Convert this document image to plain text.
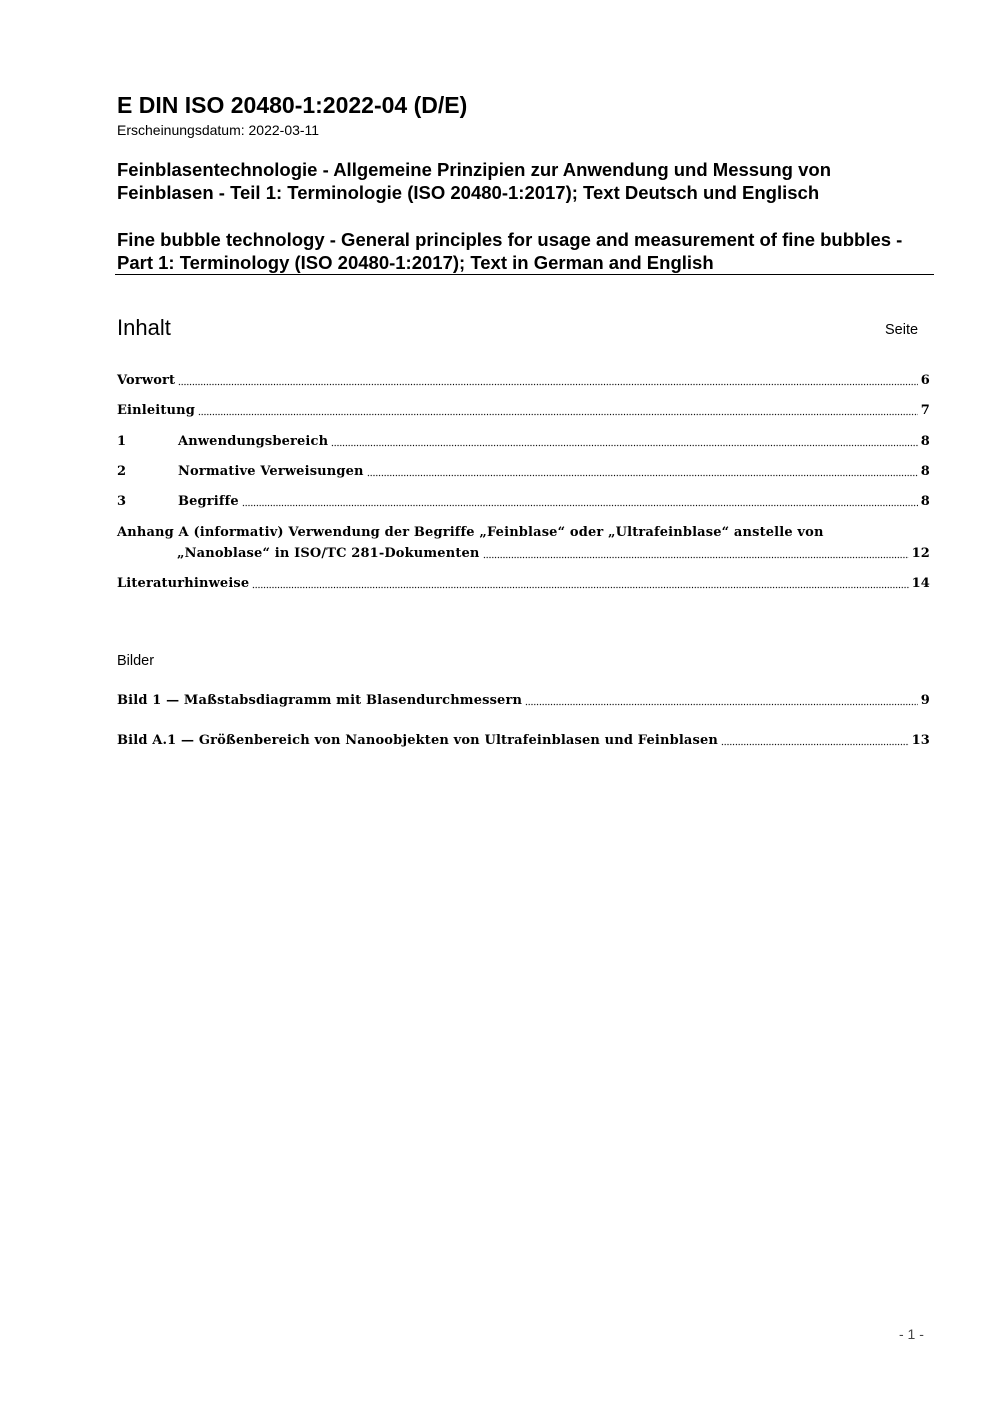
E DIN ISO 20480-1:2022-04 (D/E)
Erscheinungsdatum: 2022-03-11
Feinblasentechnologie - Allgemeine Prinzipien zur Anwendung und Messung von Feinblasen - Teil 1: Terminologie (ISO 20480-1:2017); Text Deutsch und Englisch
Fine bubble technology - General principles for usage and measurement of fine bubbles - Part 1: Terminology (ISO 20480-1:2017); Text in German and English
Inhalt	Seite
Vorwort	6
Einleitung	7
1	Anwendungsbereich	8
2	Normative Verweisungen	8
3	Begriffe	8
Anhang A (informativ) Verwendung der Begriffe „Feinblase“ oder „Ultrafeinblase“ anstelle von
„Nanoblase“ in ISO/TC 281-Dokumenten	12
Literaturhinweise	14
Bilder
Bild 1 — Maßstabsdiagramm mit Blasendurchmessern	9
Bild A.1 — Größenbereich von Nanoobjekten von Ultrafeinblasen und Feinblasen	13
- 1 -
